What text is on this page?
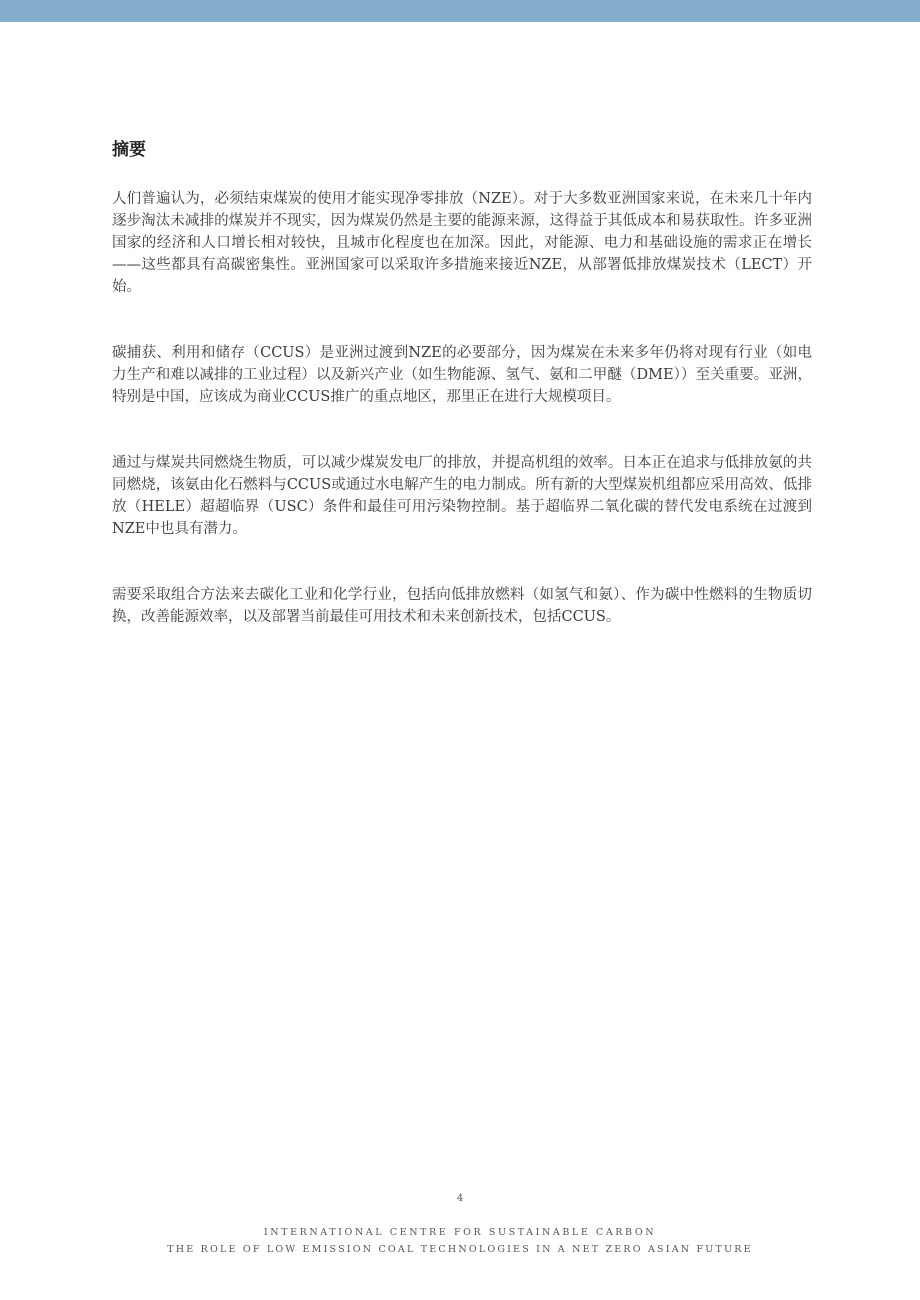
摘要

人们普遍认为，必须结束煤炭的使用才能实现净零排放（NZE）。对于大多数亚洲国家来说，在未来几十年内逐步淘汰未减排的煤炭并不现实，因为煤炭仍然是主要的能源来源，这得益于其低成本和易获取性。许多亚洲国家的经济和人口增长相对较快，且城市化程度也在加深。因此，对能源、电力和基础设施的需求正在增长——这些都具有高碳密集性。亚洲国家可以采取许多措施来接近NZE，从部署低排放煤炭技术（LECT）开始。

碳捕获、利用和储存（CCUS）是亚洲过渡到NZE的必要部分，因为煤炭在未来多年仍将对现有行业（如电力生产和难以减排的工业过程）以及新兴产业（如生物能源、氢气、氨和二甲醚（DME））至关重要。亚洲，特别是中国，应该成为商业CCUS推广的重点地区，那里正在进行大规模项目。

通过与煤炭共同燃烧生物质，可以减少煤炭发电厂的排放，并提高机组的效率。日本正在追求与低排放氨的共同燃烧，该氨由化石燃料与CCUS或通过水电解产生的电力制成。所有新的大型煤炭机组都应采用高效、低排放（HELE）超超临界（USC）条件和最佳可用污染物控制。基于超临界二氧化碳的替代发电系统在过渡到NZE中也具有潜力。

需要采取组合方法来去碳化工业和化学行业，包括向低排放燃料（如氢气和氨）、作为碳中性燃料的生物质切换，改善能源效率，以及部署当前最佳可用技术和未来创新技术，包括CCUS。

4
INTERNATIONAL CENTRE FOR SUSTAINABLE CARBON
THE ROLE OF LOW EMISSION COAL TECHNOLOGIES IN A NET ZERO ASIAN FUTURE
